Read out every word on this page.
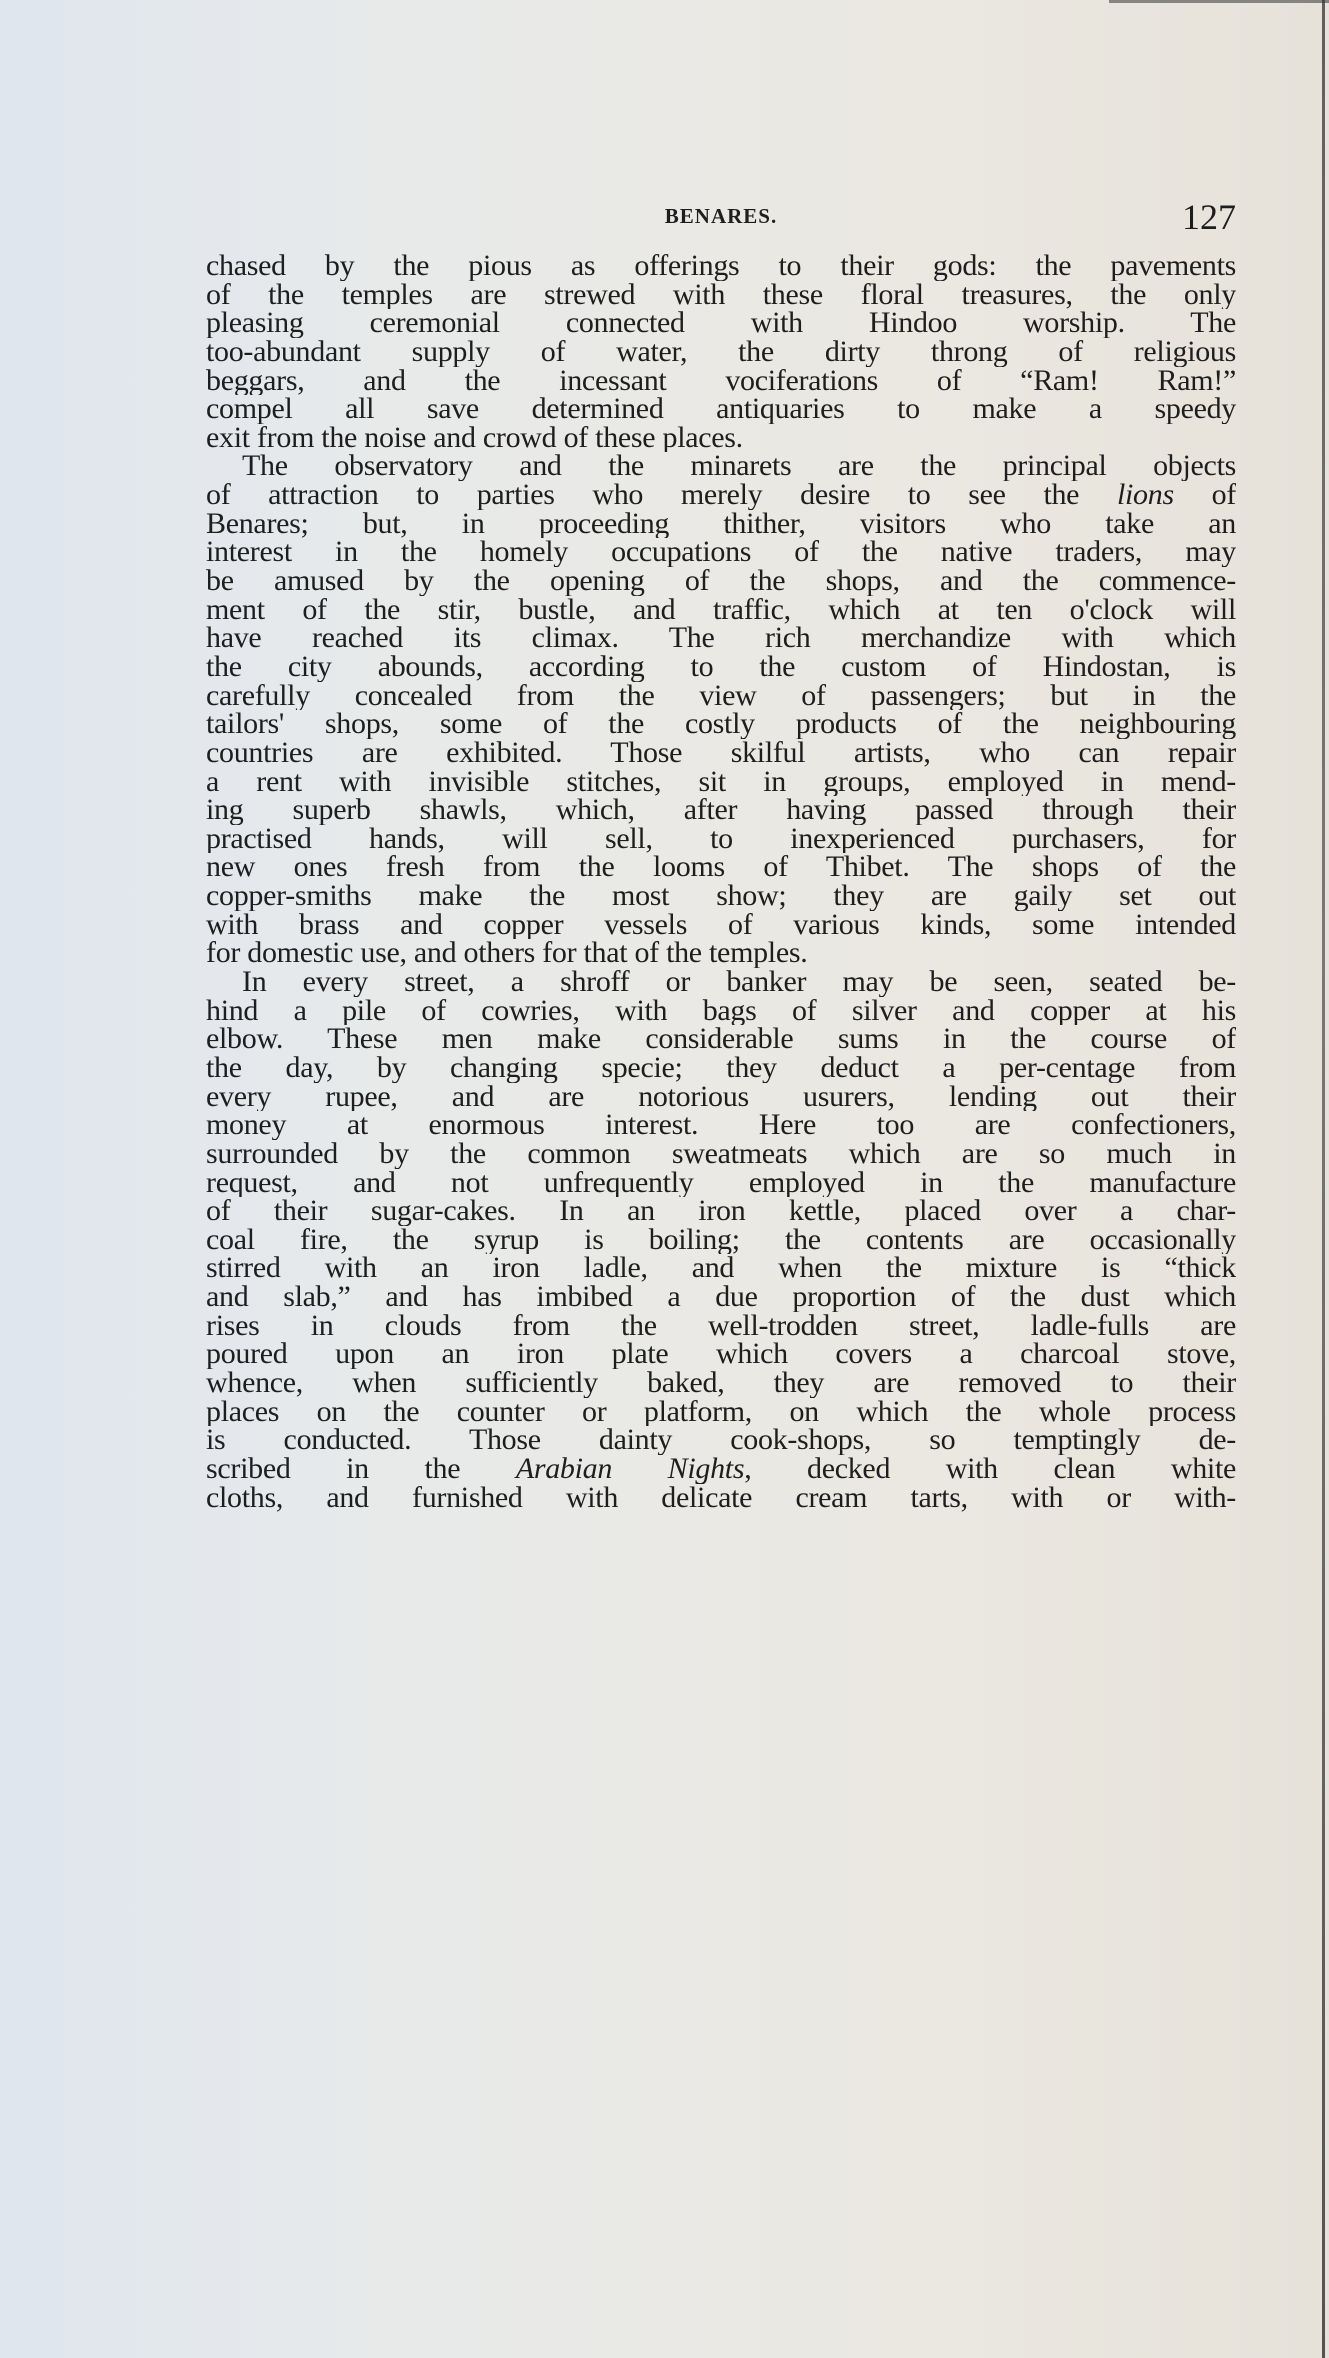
BENARES.	127
chased by the pious as offerings to their gods: the pavements
of the temples are strewed with these floral treasures, the only
pleasing ceremonial connected with Hindoo worship. The
too-abundant supply of water, the dirty throng of religious
beggars, and the incessant vociferations of “Ram! Ram!”
compel all save determined antiquaries to make a speedy
exit from the noise and crowd of these places.
The observatory and the minarets are the principal objects
of attraction to parties who merely desire to see the lions of
Benares; but, in proceeding thither, visitors who take an
interest in the homely occupations of the native traders, may
be amused by the opening of the shops, and the commence-
ment of the stir, bustle, and traffic, which at ten o'clock will
have reached its climax. The rich merchandize with which
the city abounds, according to the custom of Hindostan, is
carefully concealed from the view of passengers; but in the
tailors' shops, some of the costly products of the neighbouring
countries are exhibited. Those skilful artists, who can repair
a rent with invisible stitches, sit in groups, employed in mend-
ing superb shawls, which, after having passed through their
practised hands, will sell, to inexperienced purchasers, for
new ones fresh from the looms of Thibet. The shops of the
copper-smiths make the most show; they are gaily set out
with brass and copper vessels of various kinds, some intended
for domestic use, and others for that of the temples.
In every street, a shroff or banker may be seen, seated be-
hind a pile of cowries, with bags of silver and copper at his
elbow. These men make considerable sums in the course of
the day, by changing specie; they deduct a per-centage from
every rupee, and are notorious usurers, lending out their
money at enormous interest. Here too are confectioners,
surrounded by the common sweatmeats which are so much in
request, and not unfrequently employed in the manufacture
of their sugar-cakes. In an iron kettle, placed over a char-
coal fire, the syrup is boiling; the contents are occasionally
stirred with an iron ladle, and when the mixture is “thick
and slab,” and has imbibed a due proportion of the dust which
rises in clouds from the well-trodden street, ladle-fulls are
poured upon an iron plate which covers a charcoal stove,
whence, when sufficiently baked, they are removed to their
places on the counter or platform, on which the whole process
is conducted. Those dainty cook-shops, so temptingly de-
scribed in the Arabian Nights, decked with clean white
cloths, and furnished with delicate cream tarts, with or with-
